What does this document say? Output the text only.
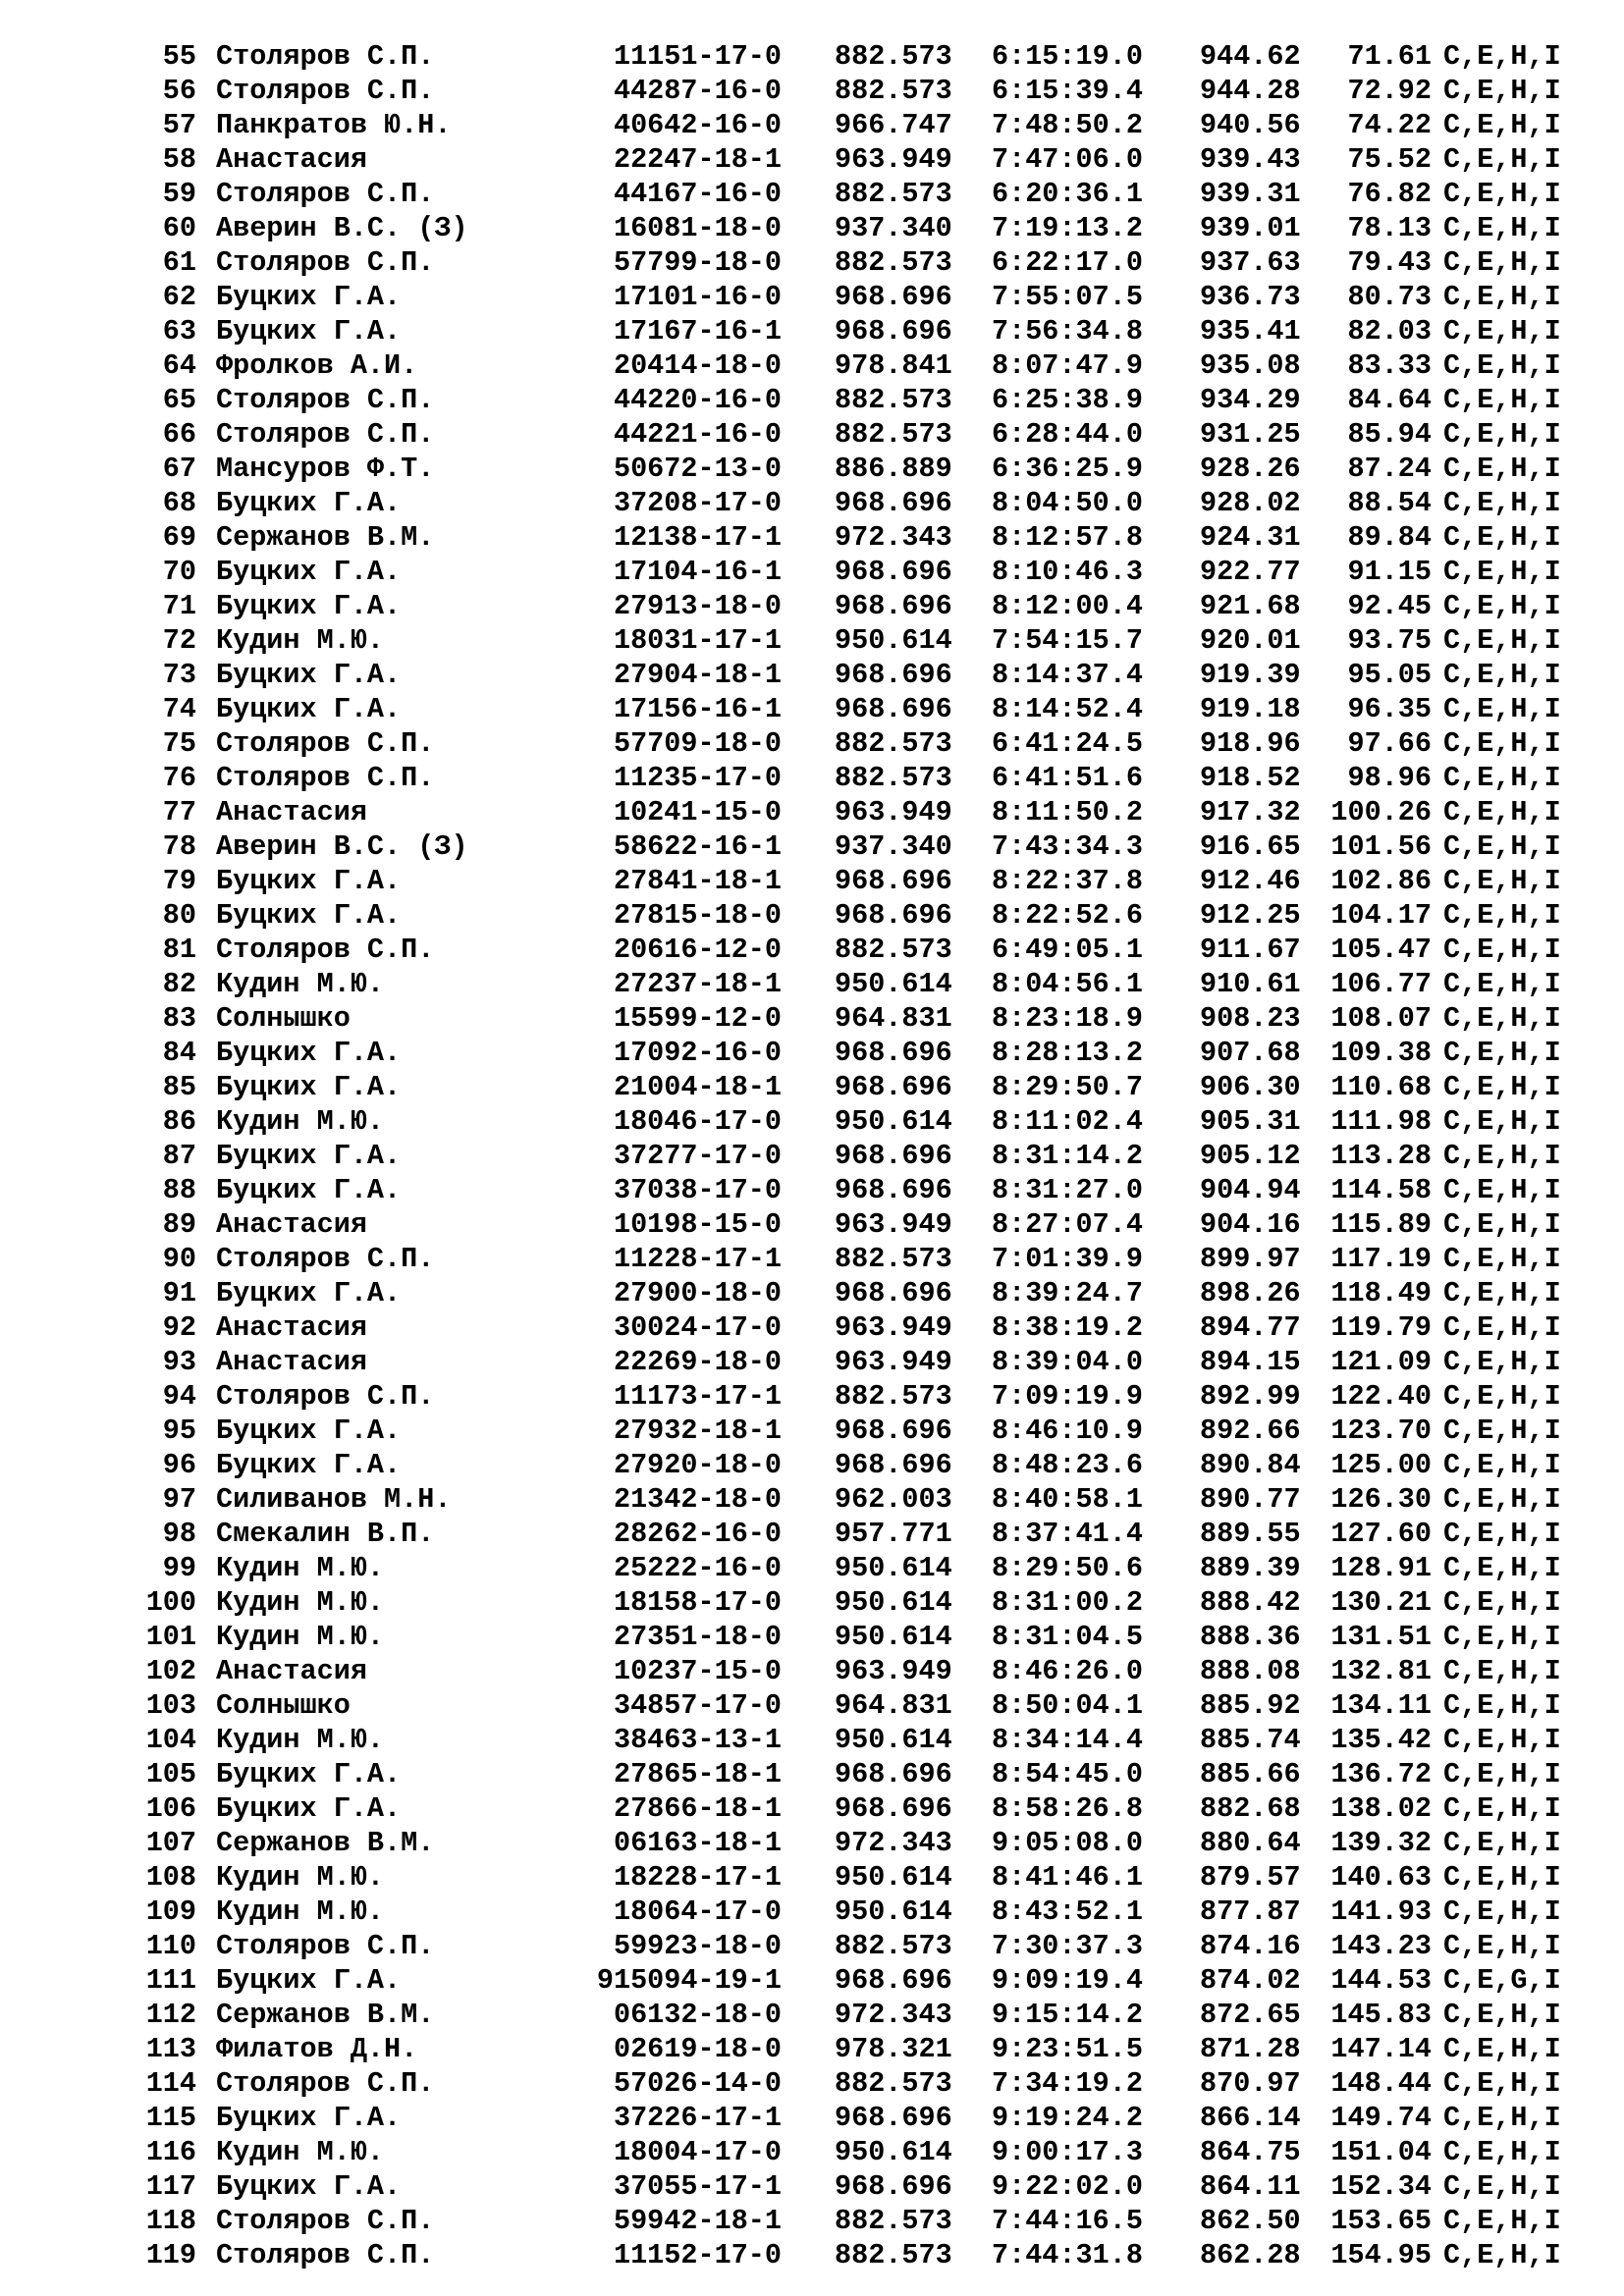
55 Столяров С.П.	11151-17-0 882.573 6:15:19.0 944.62	71.61 C,E,H,I
56 Столяров С.П.	44287-16-0 882.573 6:15:39.4 944.28	72.92 C,E,H,I
57 Панкратов Ю.Н.	40642-16-0 966.747 7:48:50.2 940.56	74.22 C,E,H,I
58 Анастасия	22247-18-1 963.949 7:47:06.0 939.43	75.52 C,E,H,I
59 Столяров С.П.	44167-16-0 882.573 6:20:36.1 939.31	76.82 C,E,H,I
60 Аверин В.С. (З)	16081-18-0 937.340 7:19:13.2 939.01	78.13 C,E,H,I
61 Столяров С.П.	57799-18-0 882.573 6:22:17.0 937.63	79.43 C,E,H,I
62 Буцких Г.А.	17101-16-0 968.696 7:55:07.5 936.73	80.73 C,E,H,I
63 Буцких Г.А.	17167-16-1 968.696 7:56:34.8 935.41	82.03 C,E,H,I
64 Фролков А.И.	20414-18-0 978.841 8:07:47.9 935.08	83.33 C,E,H,I
65 Столяров С.П.	44220-16-0 882.573 6:25:38.9 934.29	84.64 C,E,H,I
66 Столяров С.П.	44221-16-0 882.573 6:28:44.0 931.25	85.94 C,E,H,I
67 Мансуров Ф.Т.	50672-13-0 886.889 6:36:25.9 928.26	87.24 C,E,H,I
68 Буцких Г.А.	37208-17-0 968.696 8:04:50.0 928.02	88.54 C,E,H,I
69 Сержанов В.М.	12138-17-1 972.343 8:12:57.8 924.31	89.84 C,E,H,I
70 Буцких Г.А.	17104-16-1 968.696 8:10:46.3 922.77	91.15 C,E,H,I
71 Буцких Г.А.	27913-18-0 968.696 8:12:00.4 921.68	92.45 C,E,H,I
72 Кудин М.Ю.	18031-17-1 950.614 7:54:15.7 920.01	93.75 C,E,H,I
73 Буцких Г.А.	27904-18-1 968.696 8:14:37.4 919.39	95.05 C,E,H,I
74 Буцких Г.А.	17156-16-1 968.696 8:14:52.4 919.18	96.35 C,E,H,I
75 Столяров С.П.	57709-18-0 882.573 6:41:24.5 918.96	97.66 C,E,H,I
76 Столяров С.П.	11235-17-0 882.573 6:41:51.6 918.52	98.96 C,E,H,I
77 Анастасия	10241-15-0 963.949 8:11:50.2 917.32 100.26 C,E,H,I
78 Аверин В.С. (З)	58622-16-1 937.340 7:43:34.3 916.65 101.56 C,E,H,I
79 Буцких Г.А.	27841-18-1 968.696 8:22:37.8 912.46 102.86 C,E,H,I
80 Буцких Г.А.	27815-18-0 968.696 8:22:52.6 912.25 104.17 C,E,H,I
81 Столяров С.П.	20616-12-0 882.573 6:49:05.1 911.67 105.47 C,E,H,I
82 Кудин М.Ю.	27237-18-1 950.614 8:04:56.1 910.61 106.77 C,E,H,I
83 Солнышко	15599-12-0 964.831 8:23:18.9 908.23 108.07 C,E,H,I
84 Буцких Г.А.	17092-16-0 968.696 8:28:13.2 907.68 109.38 C,E,H,I
85 Буцких Г.А.	21004-18-1 968.696 8:29:50.7 906.30 110.68 C,E,H,I
86 Кудин М.Ю.	18046-17-0 950.614 8:11:02.4 905.31 111.98 C,E,H,I
87 Буцких Г.А.	37277-17-0 968.696 8:31:14.2 905.12 113.28 C,E,H,I
88 Буцких Г.А.	37038-17-0 968.696 8:31:27.0 904.94 114.58 C,E,H,I
89 Анастасия	10198-15-0 963.949 8:27:07.4 904.16 115.89 C,E,H,I
90 Столяров С.П.	11228-17-1 882.573 7:01:39.9 899.97 117.19 C,E,H,I
91 Буцких Г.А.	27900-18-0 968.696 8:39:24.7 898.26 118.49 C,E,H,I
92 Анастасия	30024-17-0 963.949 8:38:19.2 894.77 119.79 C,E,H,I
93 Анастасия	22269-18-0 963.949 8:39:04.0 894.15 121.09 C,E,H,I
94 Столяров С.П.	11173-17-1 882.573 7:09:19.9 892.99 122.40 C,E,H,I
95 Буцких Г.А.	27932-18-1 968.696 8:46:10.9 892.66 123.70 C,E,H,I
96 Буцких Г.А.	27920-18-0 968.696 8:48:23.6 890.84 125.00 C,E,H,I
97 Силиванов М.Н.	21342-18-0 962.003 8:40:58.1 890.77 126.30 C,E,H,I
98 Смекалин В.П.	28262-16-0 957.771 8:37:41.4 889.55 127.60 C,E,H,I
99 Кудин М.Ю.	25222-16-0 950.614 8:29:50.6 889.39 128.91 C,E,H,I
100 Кудин М.Ю.	18158-17-0 950.614 8:31:00.2 888.42 130.21 C,E,H,I
101 Кудин М.Ю.	27351-18-0 950.614 8:31:04.5 888.36 131.51 C,E,H,I
102 Анастасия	10237-15-0 963.949 8:46:26.0 888.08 132.81 C,E,H,I
103 Солнышко	34857-17-0 964.831 8:50:04.1 885.92 134.11 C,E,H,I
104 Кудин М.Ю.	38463-13-1 950.614 8:34:14.4 885.74 135.42 C,E,H,I
105 Буцких Г.А.	27865-18-1 968.696 8:54:45.0 885.66 136.72 C,E,H,I
106 Буцких Г.А.	27866-18-1 968.696 8:58:26.8 882.68 138.02 C,E,H,I
107 Сержанов В.М.	06163-18-1 972.343 9:05:08.0 880.64 139.32 C,E,H,I
108 Кудин М.Ю.	18228-17-1 950.614 8:41:46.1 879.57 140.63 C,E,H,I
109 Кудин М.Ю.	18064-17-0 950.614 8:43:52.1 877.87 141.93 C,E,H,I
110 Столяров С.П.	59923-18-0 882.573 7:30:37.3 874.16 143.23 C,E,H,I
111 Буцких Г.А.	915094-19-1 968.696 9:09:19.4 874.02 144.53 C,E,G,I
112 Сержанов В.М.	06132-18-0 972.343 9:15:14.2 872.65 145.83 C,E,H,I
113 Филатов Д.Н.	02619-18-0 978.321 9:23:51.5 871.28 147.14 C,E,H,I
114 Столяров С.П.	57026-14-0 882.573 7:34:19.2 870.97 148.44 C,E,H,I
115 Буцких Г.А.	37226-17-1 968.696 9:19:24.2 866.14 149.74 C,E,H,I
116 Кудин М.Ю.	18004-17-0 950.614 9:00:17.3 864.75 151.04 C,E,H,I
117 Буцких Г.А.	37055-17-1 968.696 9:22:02.0 864.11 152.34 C,E,H,I
118 Столяров С.П.	59942-18-1 882.573 7:44:16.5 862.50 153.65 C,E,H,I
119 Столяров С.П.	11152-17-0 882.573 7:44:31.8 862.28 154.95 C,E,H,I
